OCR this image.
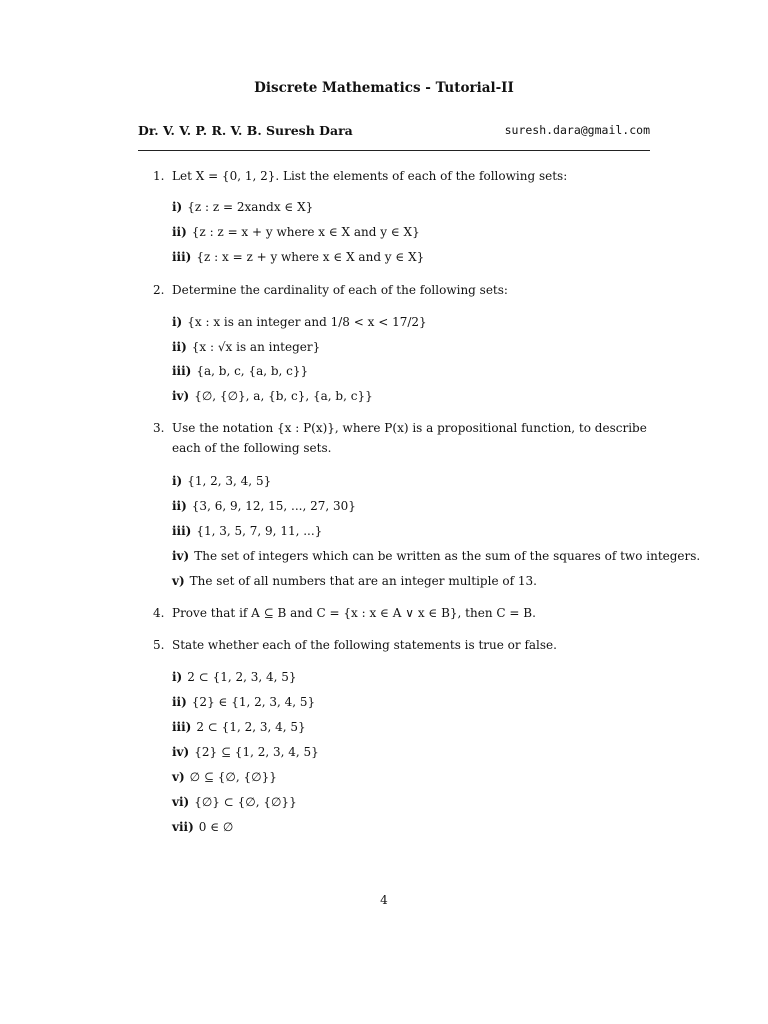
Discrete Mathematics - Tutorial-II
Dr. V. V. P. R. V. B. Suresh Dara	suresh.dara@gmail.com
1. Let X = {0, 1, 2}. List the elements of each of the following sets:
i) {z : z = 2xandx ∈ X}
ii) {z : z = x + y where x ∈ X and y ∈ X}
iii) {z : x = z + y where x ∈ X and y ∈ X}
2. Determine the cardinality of each of the following sets:
i) {x : x is an integer and 1/8 < x < 17/2}
ii) {x : √x is an integer}
iii) {a, b, c, {a, b, c}}
iv) {∅, {∅}, a, {b, c}, {a, b, c}}
3. Use the notation {x : P(x)}, where P(x) is a propositional function, to describe each of the following sets.
i) {1, 2, 3, 4, 5}
ii) {3, 6, 9, 12, 15, ..., 27, 30}
iii) {1, 3, 5, 7, 9, 11, ...}
iv) The set of integers which can be written as the sum of the squares of two integers.
v) The set of all numbers that are an integer multiple of 13.
4. Prove that if A ⊆ B and C = {x : x ∈ A ∨ x ∈ B}, then C = B.
5. State whether each of the following statements is true or false.
i) 2 ⊂ {1, 2, 3, 4, 5}
ii) {2} ∈ {1, 2, 3, 4, 5}
iii) 2 ⊂ {1, 2, 3, 4, 5}
iv) {2} ⊆ {1, 2, 3, 4, 5}
v) ∅ ⊆ {∅, {∅}}
vi) {∅} ⊂ {∅, {∅}}
vii) 0 ∈ ∅
4
